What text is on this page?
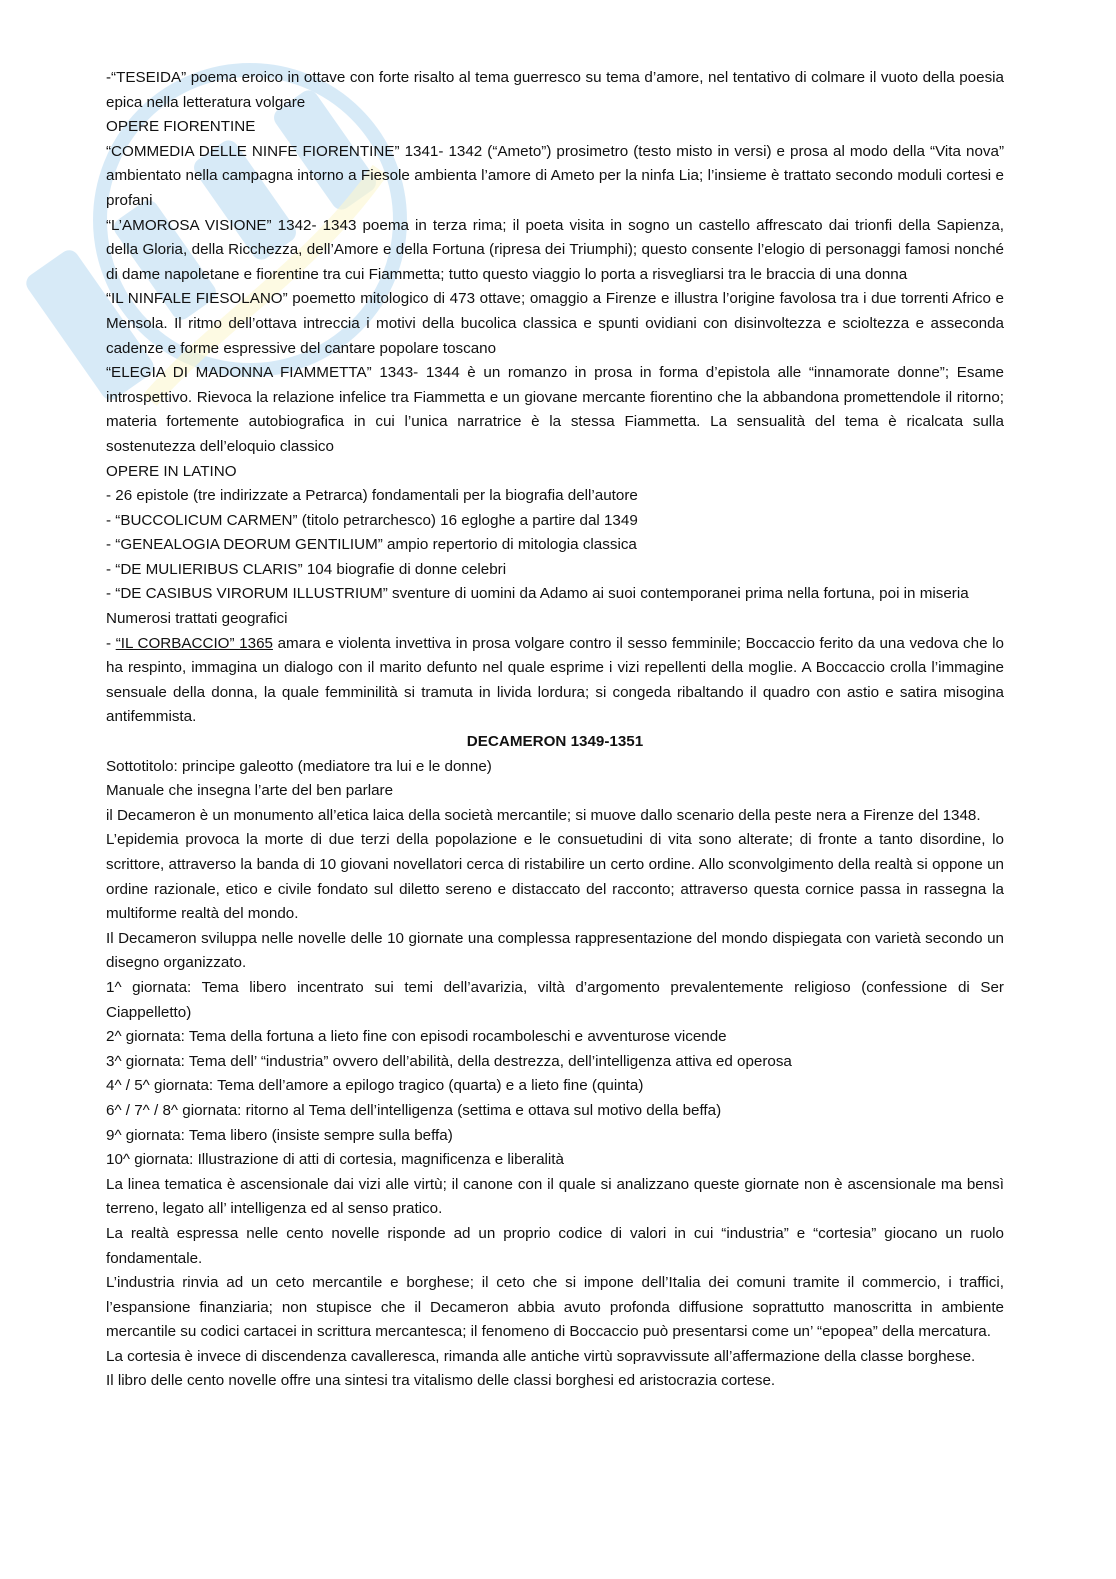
-“TESEIDA” poema eroico in ottave con forte risalto al tema guerresco su tema d’amore, nel tentativo di colmare il vuoto della poesia epica nella letteratura volgare

OPERE FIORENTINE

“COMMEDIA DELLE NINFE FIORENTINE” 1341- 1342 (“Ameto”) prosimetro (testo misto in versi) e prosa al modo della “Vita nova” ambientato nella campagna intorno a Fiesole ambienta l’amore di Ameto per la ninfa Lia; l’insieme è trattato secondo moduli cortesi e profani

“L’AMOROSA VISIONE” 1342- 1343 poema in terza rima; il poeta visita in sogno un castello affrescato dai trionfi della Sapienza, della Gloria, della Ricchezza, dell’Amore e della Fortuna (ripresa dei Triumphi); questo consente l’elogio di personaggi famosi nonché di dame napoletane e fiorentine tra cui Fiammetta; tutto questo viaggio lo porta a risvegliarsi tra le braccia di una donna

“IL NINFALE FIESOLANO” poemetto mitologico di 473 ottave; omaggio a Firenze e illustra l’origine favolosa tra i due torrenti Africo e Mensola. Il ritmo dell’ottava intreccia i motivi della bucolica classica e spunti ovidiani con disinvoltezza e scioltezza e asseconda cadenze e forme espressive del cantare popolare toscano

“ELEGIA DI MADONNA FIAMMETTA” 1343- 1344 è un romanzo in prosa in forma d’epistola alle “innamorate donne”; Esame introspettivo. Rievoca la relazione infelice tra Fiammetta e un giovane mercante fiorentino che la abbandona promettendole il ritorno; materia fortemente autobiografica in cui l’unica narratrice è la stessa Fiammetta. La sensualità del tema è ricalcata sulla sostenutezza dell’eloquio classico

OPERE IN LATINO

- 26 epistole (tre indirizzate a Petrarca) fondamentali per la biografia dell’autore

- “BUCCOLICUM CARMEN” (titolo petrarchesco) 16 egloghe a partire dal 1349

- “GENEALOGIA DEORUM GENTILIUM” ampio repertorio di mitologia classica

- “DE MULIERIBUS CLARIS” 104 biografie di donne celebri

- “DE CASIBUS VIRORUM ILLUSTRIUM” sventure di uomini da Adamo ai suoi contemporanei prima nella fortuna, poi in miseria

Numerosi trattati geografici

- “IL CORBACCIO” 1365 amara e violenta invettiva in prosa volgare contro il sesso femminile; Boccaccio ferito da una vedova che lo ha respinto, immagina un dialogo con il marito defunto nel quale esprime i vizi repellenti della moglie. A Boccaccio crolla l’immagine sensuale della donna, la quale femminilità si tramuta in livida lordura; si congeda ribaltando il quadro con astio e satira misogina antifemmista.

DECAMERON 1349-1351

Sottotitolo: principe galeotto (mediatore tra lui e le donne)

Manuale che insegna l’arte del ben parlare

il Decameron è un monumento all’etica laica della società mercantile; si muove dallo scenario della peste nera a Firenze del 1348.

L’epidemia provoca la morte di due terzi della popolazione e le consuetudini di vita sono alterate; di fronte a tanto disordine, lo scrittore, attraverso la banda di 10 giovani novellatori cerca di ristabilire un certo ordine. Allo sconvolgimento della realtà si oppone un ordine razionale, etico e civile fondato sul diletto sereno e distaccato del racconto; attraverso questa cornice passa in rassegna la multiforme realtà del mondo.

Il Decameron sviluppa nelle novelle delle 10 giornate una complessa rappresentazione del mondo dispiegata con varietà secondo un disegno organizzato.

1^ giornata: Tema libero incentrato sui temi dell’avarizia, viltà d’argomento prevalentemente religioso (confessione di Ser Ciappelletto)

2^ giornata: Tema della fortuna a lieto fine con episodi rocamboleschi e avventurose vicende

3^ giornata: Tema dell’ “industria” ovvero dell’abilità, della destrezza, dell’intelligenza attiva ed operosa

4^ / 5^ giornata: Tema dell’amore a epilogo tragico (quarta) e a lieto fine (quinta)

6^ / 7^ / 8^ giornata: ritorno al Tema dell’intelligenza (settima e ottava sul motivo della beffa)

9^ giornata: Tema libero (insiste sempre sulla beffa)

10^ giornata: Illustrazione di atti di cortesia, magnificenza e liberalità

La linea tematica è ascensionale dai vizi alle virtù; il canone con il quale si analizzano queste giornate non è ascensionale ma bensì terreno, legato all’ intelligenza ed al senso pratico.

La realtà espressa nelle cento novelle risponde ad un proprio codice di valori in cui “industria” e “cortesia” giocano un ruolo fondamentale.

L’industria rinvia ad un ceto mercantile e borghese; il ceto che si impone dell’Italia dei comuni tramite il commercio, i traffici, l’espansione finanziaria; non stupisce che il Decameron abbia avuto profonda diffusione soprattutto manoscritta in ambiente mercantile su codici cartacei in scrittura mercantesca; il fenomeno di Boccaccio può presentarsi come un’ “epopea” della mercatura.

La cortesia è invece di discendenza cavalleresca, rimanda alle antiche virtù sopravvissute all’affermazione della classe borghese.

Il libro delle cento novelle offre una sintesi tra vitalismo delle classi borghesi ed aristocrazia cortese.
